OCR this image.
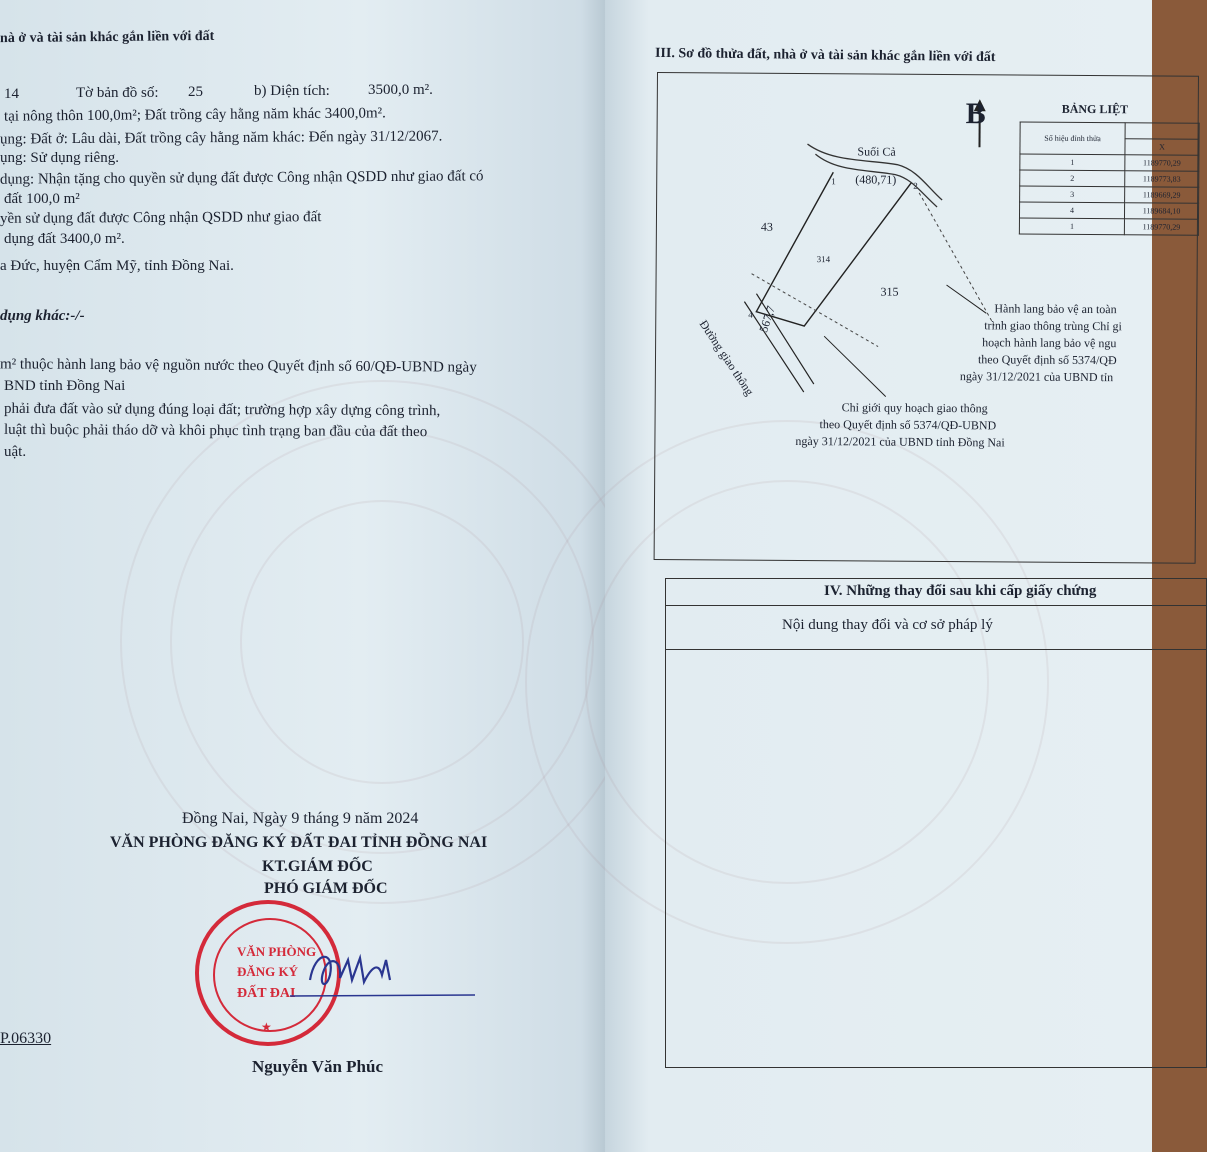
nà ở và tài sản khác gắn liền với đất
14	Tờ bản đồ số: 25	b) Diện tích:	3500,0 m².
tại nông thôn 100,0m²; Đất trồng cây hằng năm khác 3400,0m².
ụng: Đất ở: Lâu dài, Đất trồng cây hằng năm khác: Đến ngày 31/12/2067.
ụng: Sử dụng riêng.
dụng: Nhận tặng cho quyền sử dụng đất được Công nhận QSDD như giao đất có
đất 100,0 m²
yền sử dụng đất được Công nhận QSDD như giao đất
dụng đất 3400,0 m².
a Đức, huyện Cẩm Mỹ, tỉnh Đồng Nai.
dụng khác:-/-
m² thuộc hành lang bảo vệ nguồn nước theo Quyết định số 60/QĐ-UBND ngày
BND tỉnh Đồng Nai
phải đưa đất vào sử dụng đúng loại đất; trường hợp xây dựng công trình,
luật thì buộc phải tháo dỡ và khôi phục tình trạng ban đầu của đất theo
uật.
Đồng Nai, Ngày 9 tháng 9 năm 2024
VĂN PHÒNG ĐĂNG KÝ ĐẤT ĐAI TỈNH ĐỒNG NAI
KT.GIÁM ĐỐC
PHÓ GIÁM ĐỐC
VĂN PHÒNG
ĐĂNG KÝ
ĐẤT ĐAI
★
P.06330
Nguyễn Văn Phúc
III. Sơ đồ thửa đất, nhà ở và tài sản khác gắn liền với đất
B
Suối Cả
(480,71)
1	2
4
43
314
315
567,7
Đường giao thông
BẢNG LIỆT
Số hiệu đỉnh thửa	
	X
1	1189770,29
2	1189773,83
3	1189669,29
4	1189684,10
1	1189770,29
Hành lang bảo vệ an toàn
trình giao thông trùng Chỉ gi
hoạch hành lang bảo vệ ngu
theo Quyết định số 5374/QĐ
ngày 31/12/2021 của UBND tỉn
Chỉ giới quy hoạch giao thông
theo Quyết định số 5374/QĐ-UBND
ngày 31/12/2021 của UBND tỉnh Đồng Nai
IV. Những thay đổi sau khi cấp giấy chứng
Nội dung thay đổi và cơ sở pháp lý
